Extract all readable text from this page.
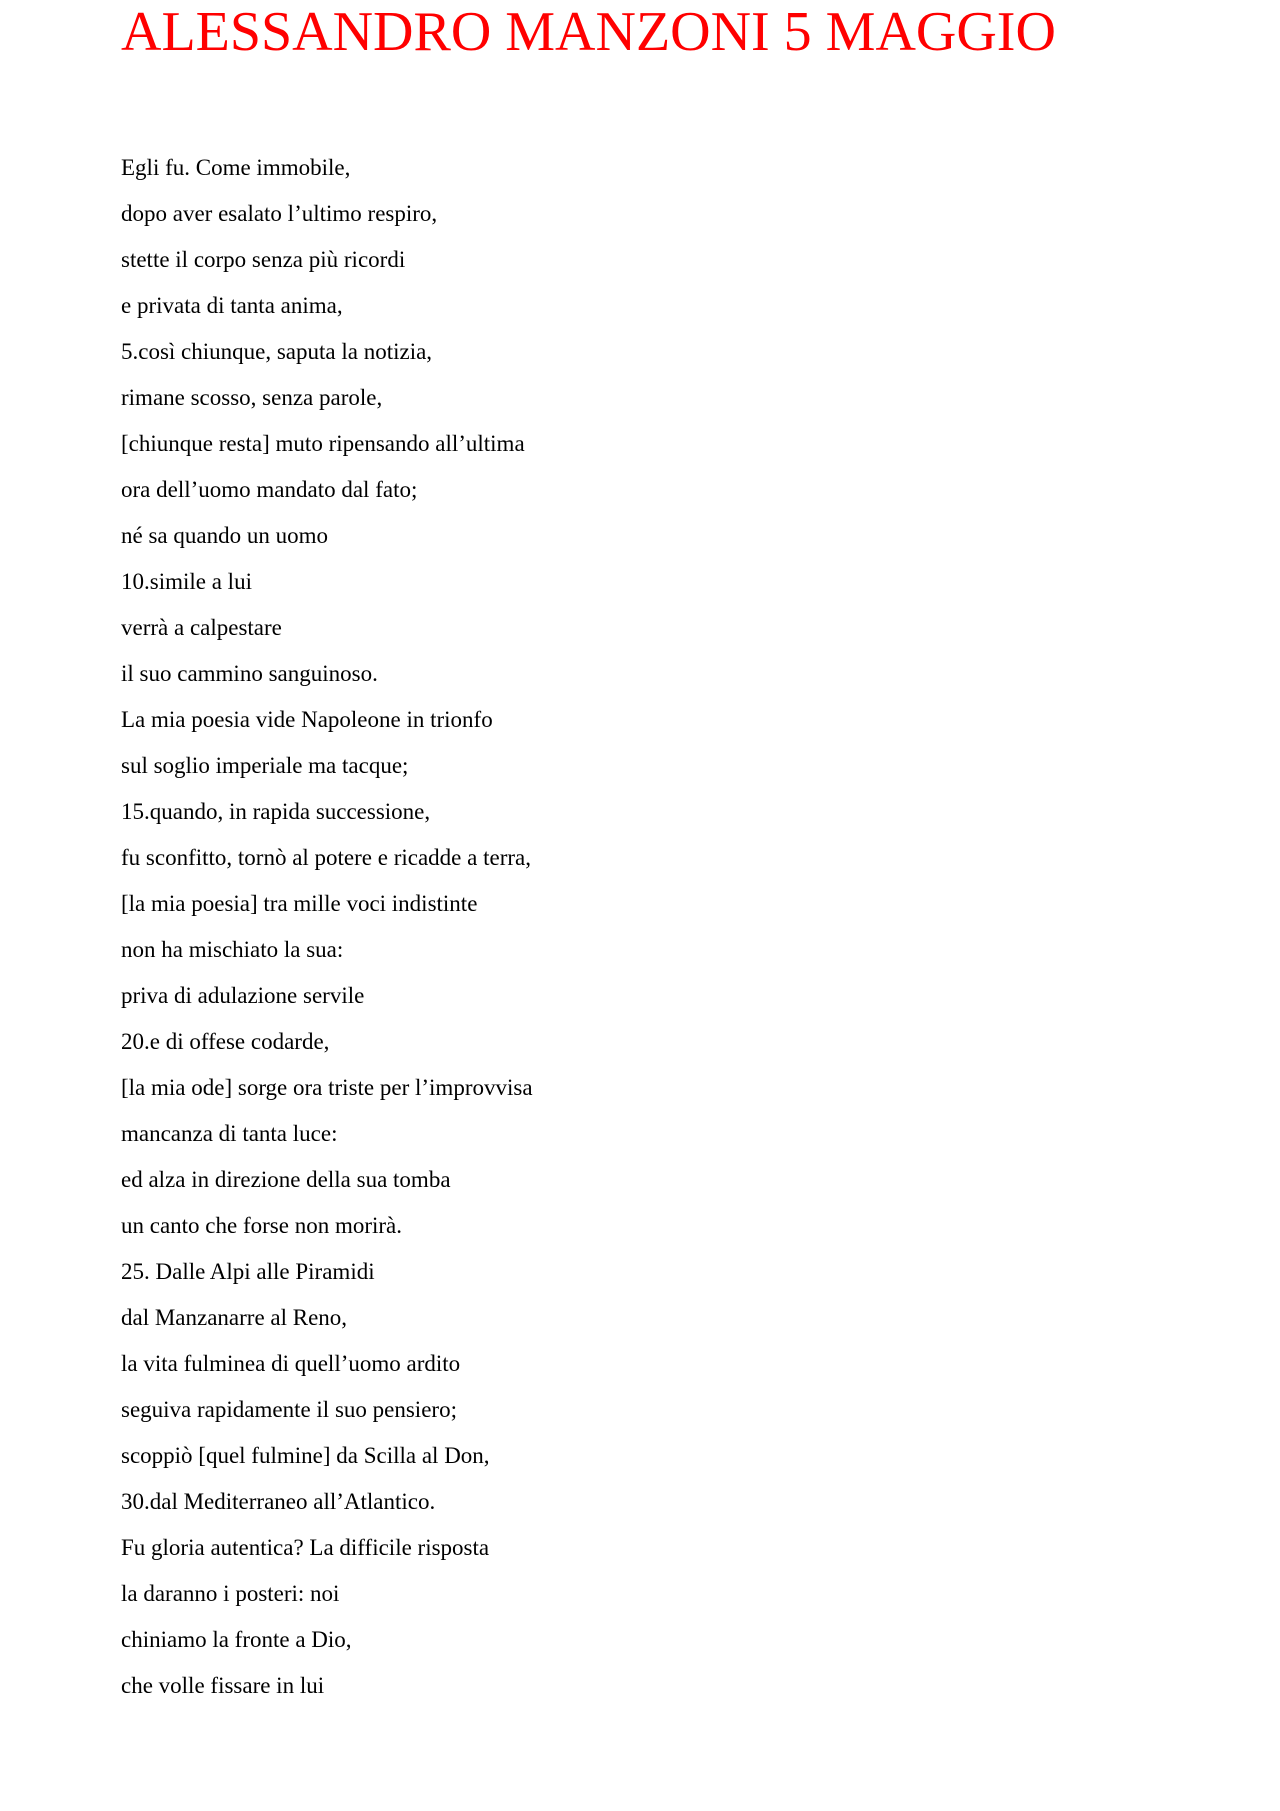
ALESSANDRO MANZONI 5 MAGGIO
Egli fu. Come immobile,
dopo aver esalato l’ultimo respiro,
stette il corpo senza più ricordi
e privata di tanta anima,
5.così chiunque, saputa la notizia,
rimane scosso, senza parole,
[chiunque resta] muto ripensando all’ultima
ora dell’uomo mandato dal fato;
né sa quando un uomo
10.simile a lui
verrà a calpestare
il suo cammino sanguinoso.
La mia poesia vide Napoleone in trionfo
sul soglio imperiale ma tacque;
15.quando, in rapida successione,
fu sconfitto, tornò al potere e ricadde a terra,
[la mia poesia] tra mille voci indistinte
non ha mischiato la sua:
priva di adulazione servile
20.e di offese codarde,
[la mia ode] sorge ora triste per l’improvvisa
mancanza di tanta luce:
ed alza in direzione della sua tomba
un canto che forse non morirà.
25. Dalle Alpi alle Piramidi
dal Manzanarre al Reno,
la vita fulminea di quell’uomo ardito
seguiva rapidamente il suo pensiero;
scoppiò [quel fulmine] da Scilla al Don,
30.dal Mediterraneo all’Atlantico.
Fu gloria autentica? La difficile risposta
la daranno i posteri: noi
chiniamo la fronte a Dio,
che volle fissare in lui
